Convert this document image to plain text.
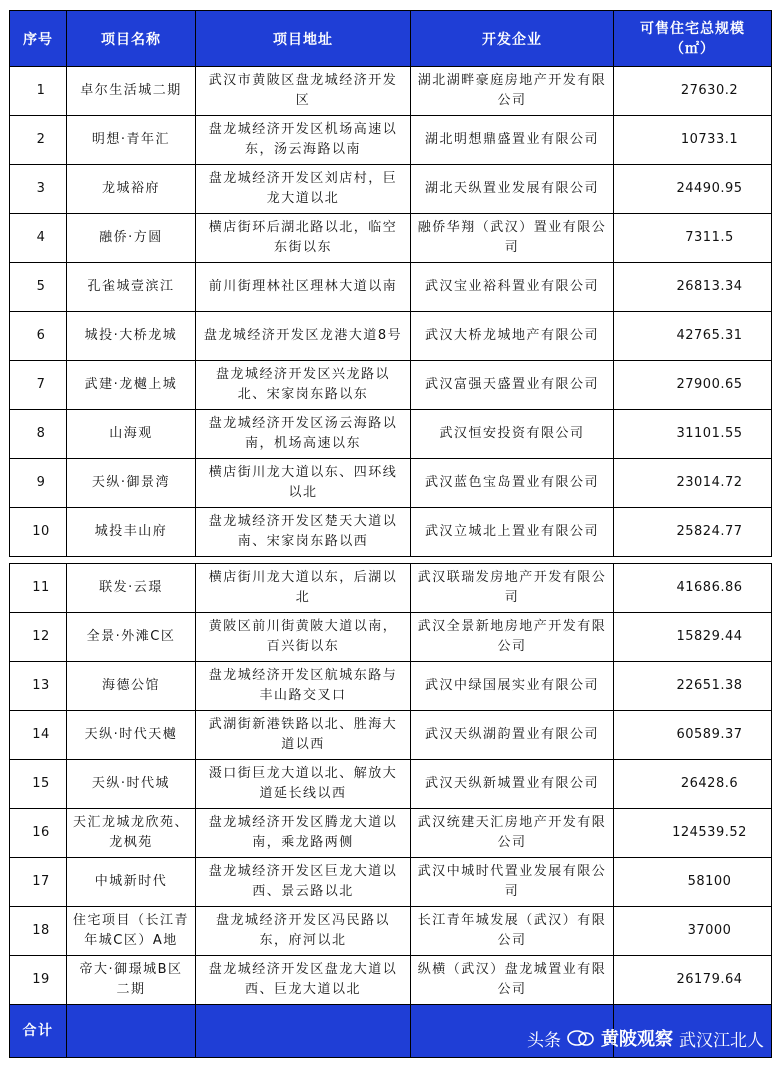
序号	项目名称	项目地址	开发企业	可售住宅总规模
（㎡）
1	卓尔生活城二期	武汉市黄陂区盘龙城经济开发区	湖北湖畔豪庭房地产开发有限公司	27630.2
2	明想·青年汇	盘龙城经济开发区机场高速以东，汤云海路以南	湖北明想鼎盛置业有限公司	10733.1
3	龙城裕府	盘龙城经济开发区刘店村，巨龙大道以北	湖北天纵置业发展有限公司	24490.95
4	融侨·方圆	横店街环后湖北路以北，临空东街以东	融侨华翔（武汉）置业有限公司	7311.5
5	孔雀城壹滨江	前川街理林社区理林大道以南	武汉宝业裕科置业有限公司	26813.34
6	城投·大桥龙城	盘龙城经济开发区龙港大道8号	武汉大桥龙城地产有限公司	42765.31
7	武建·龙樾上城	盘龙城经济开发区兴龙路以北、宋家岗东路以东	武汉富强天盛置业有限公司	27900.65
8	山海观	盘龙城经济开发区汤云海路以南，机场高速以东	武汉恒安投资有限公司	31101.55
9	天纵·御景湾	横店街川龙大道以东、四环线以北	武汉蓝色宝岛置业有限公司	23014.72
10	城投丰山府	盘龙城经济开发区楚天大道以南、宋家岗东路以西	武汉立城北上置业有限公司	25824.77

11	联发·云璟	横店街川龙大道以东，后湖以北	武汉联瑞发房地产开发有限公司	41686.86
12	全景·外滩C区	黄陂区前川街黄陂大道以南，百兴街以东	武汉全景新地房地产开发有限公司	15829.44
13	海德公馆	盘龙城经济开发区航城东路与丰山路交叉口	武汉中绿国展实业有限公司	22651.38
14	天纵·时代天樾	武湖街新港铁路以北、胜海大道以西	武汉天纵湖韵置业有限公司	60589.37
15	天纵·时代城	滠口街巨龙大道以北、解放大道延长线以西	武汉天纵新城置业有限公司	26428.6
16	天汇龙城龙欣苑、龙枫苑	盘龙城经济开发区腾龙大道以南，乘龙路两侧	武汉统建天汇房地产开发有限公司	124539.52
17	中城新时代	盘龙城经济开发区巨龙大道以西、景云路以北	武汉中城时代置业发展有限公司	58100
18	住宅项目（长江青年城C区）A地	盘龙城经济开发区冯民路以东，府河以北	长江青年城发展（武汉）有限公司	37000
19	帝大·御璟城B区二期	盘龙城经济开发区盘龙大道以西、巨龙大道以北	纵横（武汉）盘龙城置业有限公司	26179.64
合计					头条 黄陂观察 武汉江北人
